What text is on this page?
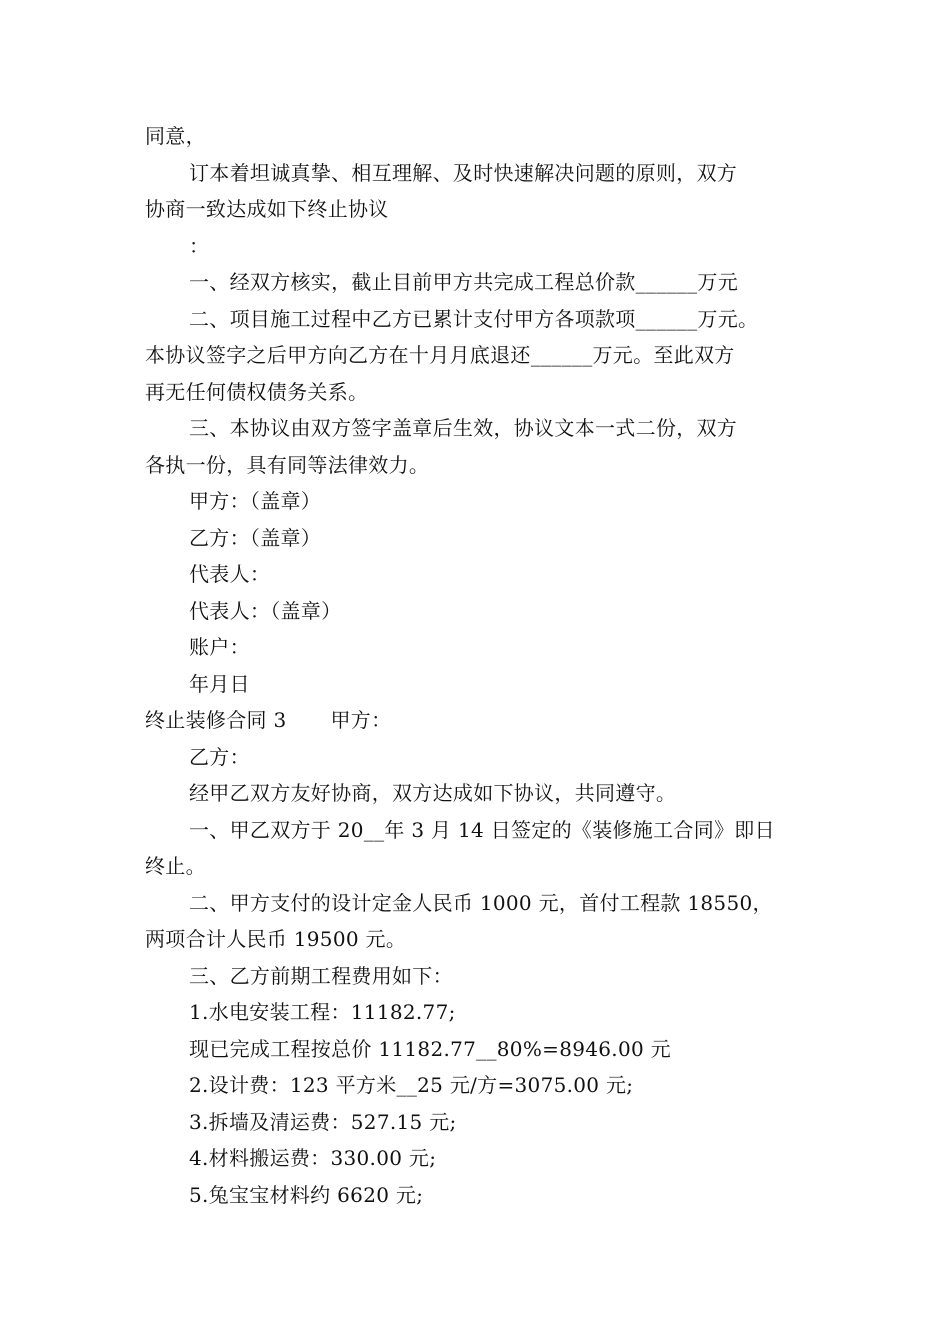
同意，
订本着坦诚真挚、相互理解、及时快速解决问题的原则，双方
协商一致达成如下终止协议
：
一、经双方核实，截止目前甲方共完成工程总价款______万元
二、项目施工过程中乙方已累计支付甲方各项款项______万元。
本协议签字之后甲方向乙方在十月月底退还______万元。至此双方
再无任何债权债务关系。
三、本协议由双方签字盖章后生效，协议文本一式二份，双方
各执一份，具有同等法律效力。
甲方：（盖章）
乙方：（盖章）
代表人：
代表人：（盖章）
账户：
年月日
终止装修合同 3 甲方：
乙方：
经甲乙双方友好协商，双方达成如下协议，共同遵守。
一、甲乙双方于 20__年 3 月 14 日签定的《装修施工合同》即日
终止。
二、甲方支付的设计定金人民币 1000 元，首付工程款 18550，
两项合计人民币 19500 元。
三、乙方前期工程费用如下：
1.水电安装工程：11182.77;
现已完成工程按总价 11182.77__80%=8946.00 元
2.设计费：123 平方米__25 元/方=3075.00 元;
3.拆墙及清运费：527.15 元;
4.材料搬运费：330.00 元;
5.兔宝宝材料约 6620 元;
